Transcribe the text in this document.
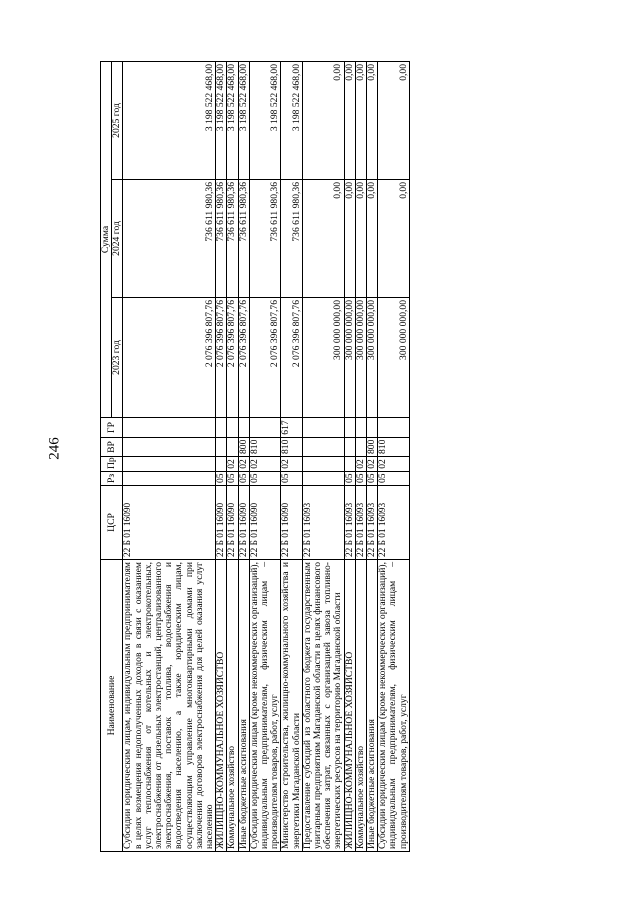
246
Наименование	ЦСР	Рз	Пр	ВР	ГР	Сумма		
						2023 год	2024 год	2025 год
Субсидии юридическим лицам, индивидуальным предпринимателям в целях возмещения недополученных доходов в связи с оказанием услуг теплоснабжения от котельных и электрокотельных, электроснабжения от дизельных электростанций, централизованного электроснабжения, поставок топлива, водоснабжения и водоотведения населению, а также юридическим лицам, осуществляющим управление многоквартирными домами при заключении договоров электроснабжения для целей оказания услуг населению	22 Б 01 16090					2 076 396 807,76	736 611 980,36	3 198 522 468,00
ЖИЛИЩНО-КОММУНАЛЬНОЕ ХОЗЯЙСТВО	22 Б 01 16090	05				2 076 396 807,76	736 611 980,36	3 198 522 468,00
Коммунальное хозяйство	22 Б 01 16090	05	02			2 076 396 807,76	736 611 980,36	3 198 522 468,00
Иные бюджетные ассигнования	22 Б 01 16090	05	02	800		2 076 396 807,76	736 611 980,36	3 198 522 468,00
Субсидии юридическим лицам (кроме некоммерческих организаций), индивидуальным предпринимателям, физическим лицам – производителям товаров, работ, услуг	22 Б 01 16090	05	02	810		2 076 396 807,76	736 611 980,36	3 198 522 468,00
Министерство строительства, жилищно-коммунального хозяйства и энергетики Магаданской области	22 Б 01 16090	05	02	810	617	2 076 396 807,76	736 611 980,36	3 198 522 468,00
Предоставление субсидий из областного бюджета государственным унитарным предприятиям Магаданской области в целях финансового обеспечения затрат, связанных с организацией завоза топливно-энергетических ресурсов на территорию Магаданской области	22 Б 01 16093					300 000 000,00	0,00	0,00
ЖИЛИЩНО-КОММУНАЛЬНОЕ ХОЗЯЙСТВО	22 Б 01 16093	05				300 000 000,00	0,00	0,00
Коммунальное хозяйство	22 Б 01 16093	05	02			300 000 000,00	0,00	0,00
Иные бюджетные ассигнования	22 Б 01 16093	05	02	800		300 000 000,00	0,00	0,00
Субсидии юридическим лицам (кроме некоммерческих организаций), индивидуальным предпринимателям, физическим лицам – производителям товаров, работ, услуг	22 Б 01 16093	05	02	810		300 000 000,00	0,00	0,00
